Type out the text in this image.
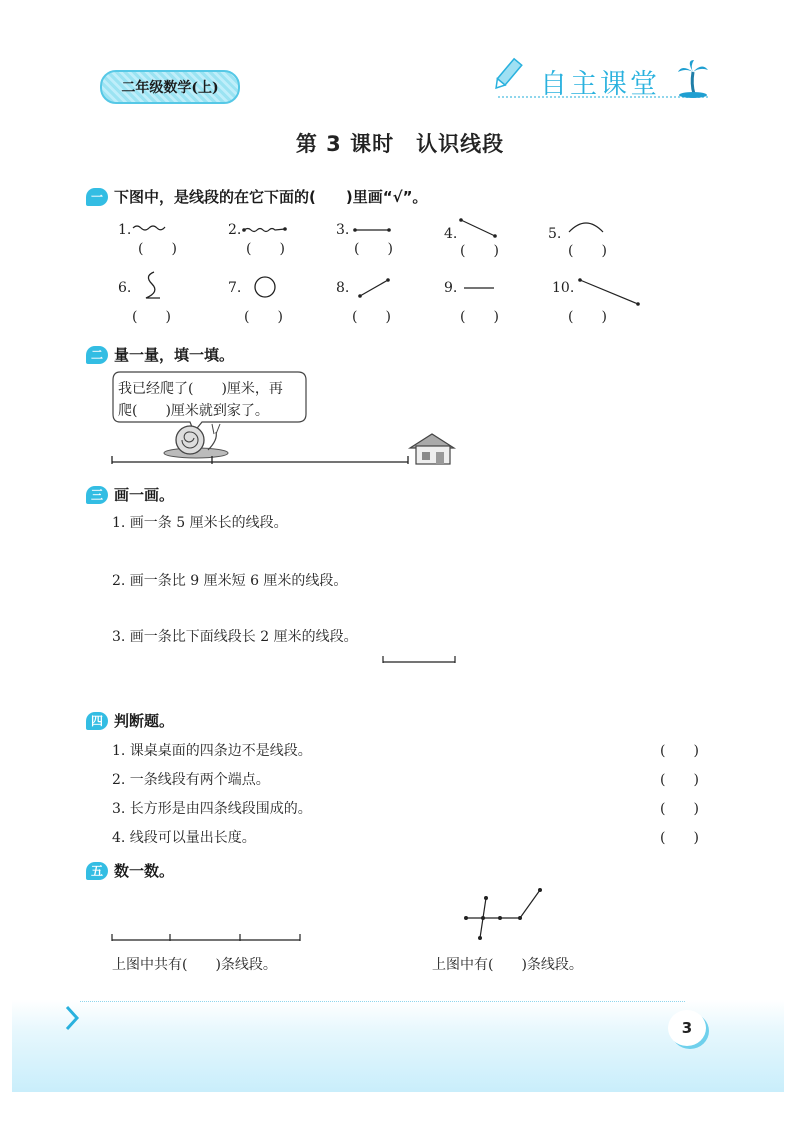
二年级数学(上)	自主课堂
第 3 课时　认识线段
一 下图中，是线段的在它下面的(　　)里画“√”。
1.
(　　)
2.
(　　)
3.
(　　)
4.
(　　)
5.
(　　)
6.
(　　)
7.
(　　)
8.
(　　)
9.
(　　)
10.
(　　)
二 量一量，填一填。
我已经爬了(　　)厘米，再
爬(　　)厘米就到家了。
三 画一画。
1. 画一条 5 厘米长的线段。
2. 画一条比 9 厘米短 6 厘米的线段。
3. 画一条比下面线段长 2 厘米的线段。
四 判断题。
1. 课桌桌面的四条边不是线段。	(　　)
2. 一条线段有两个端点。	(　　)
3. 长方形是由四条线段围成的。	(　　)
4. 线段可以量出长度。	(　　)
五 数一数。
上图中共有(　　)条线段。	上图中有(　　)条线段。
3
